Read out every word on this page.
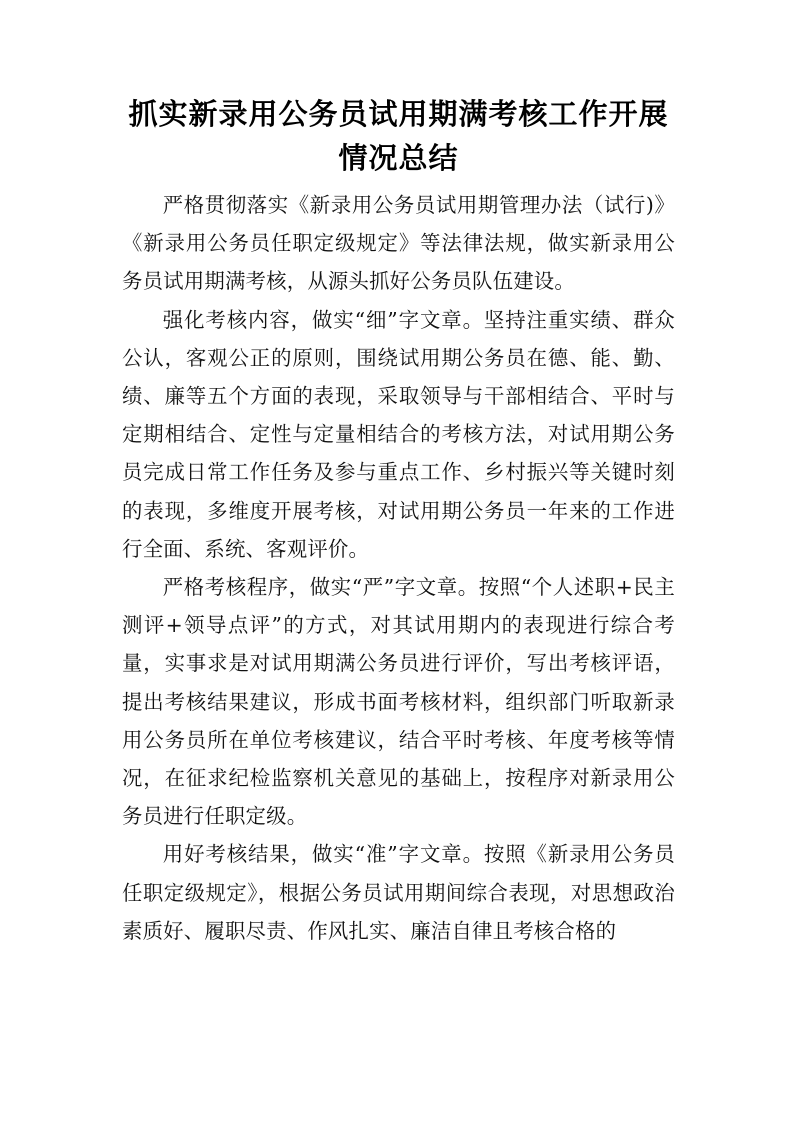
抓实新录用公务员试用期满考核工作开展
情况总结

严格贯彻落实《新录用公务员试用期管理办法（试行)》《新录用公务员任职定级规定》等法律法规，做实新录用公务员试用期满考核，从源头抓好公务员队伍建设。

强化考核内容，做实“细”字文章。坚持注重实绩、群众公认，客观公正的原则，围绕试用期公务员在德、能、勤、绩、廉等五个方面的表现，采取领导与干部相结合、平时与定期相结合、定性与定量相结合的考核方法，对试用期公务员完成日常工作任务及参与重点工作、乡村振兴等关键时刻的表现，多维度开展考核，对试用期公务员一年来的工作进行全面、系统、客观评价。

严格考核程序，做实“严”字文章。按照“个人述职+民主测评+领导点评”的方式，对其试用期内的表现进行综合考量，实事求是对试用期满公务员进行评价，写出考核评语，提出考核结果建议，形成书面考核材料，组织部门听取新录用公务员所在单位考核建议，结合平时考核、年度考核等情况，在征求纪检监察机关意见的基础上，按程序对新录用公务员进行任职定级。

用好考核结果，做实“准”字文章。按照《新录用公务员任职定级规定》，根据公务员试用期间综合表现，对思想政治素质好、履职尽责、作风扎实、廉洁自律且考核合格的
